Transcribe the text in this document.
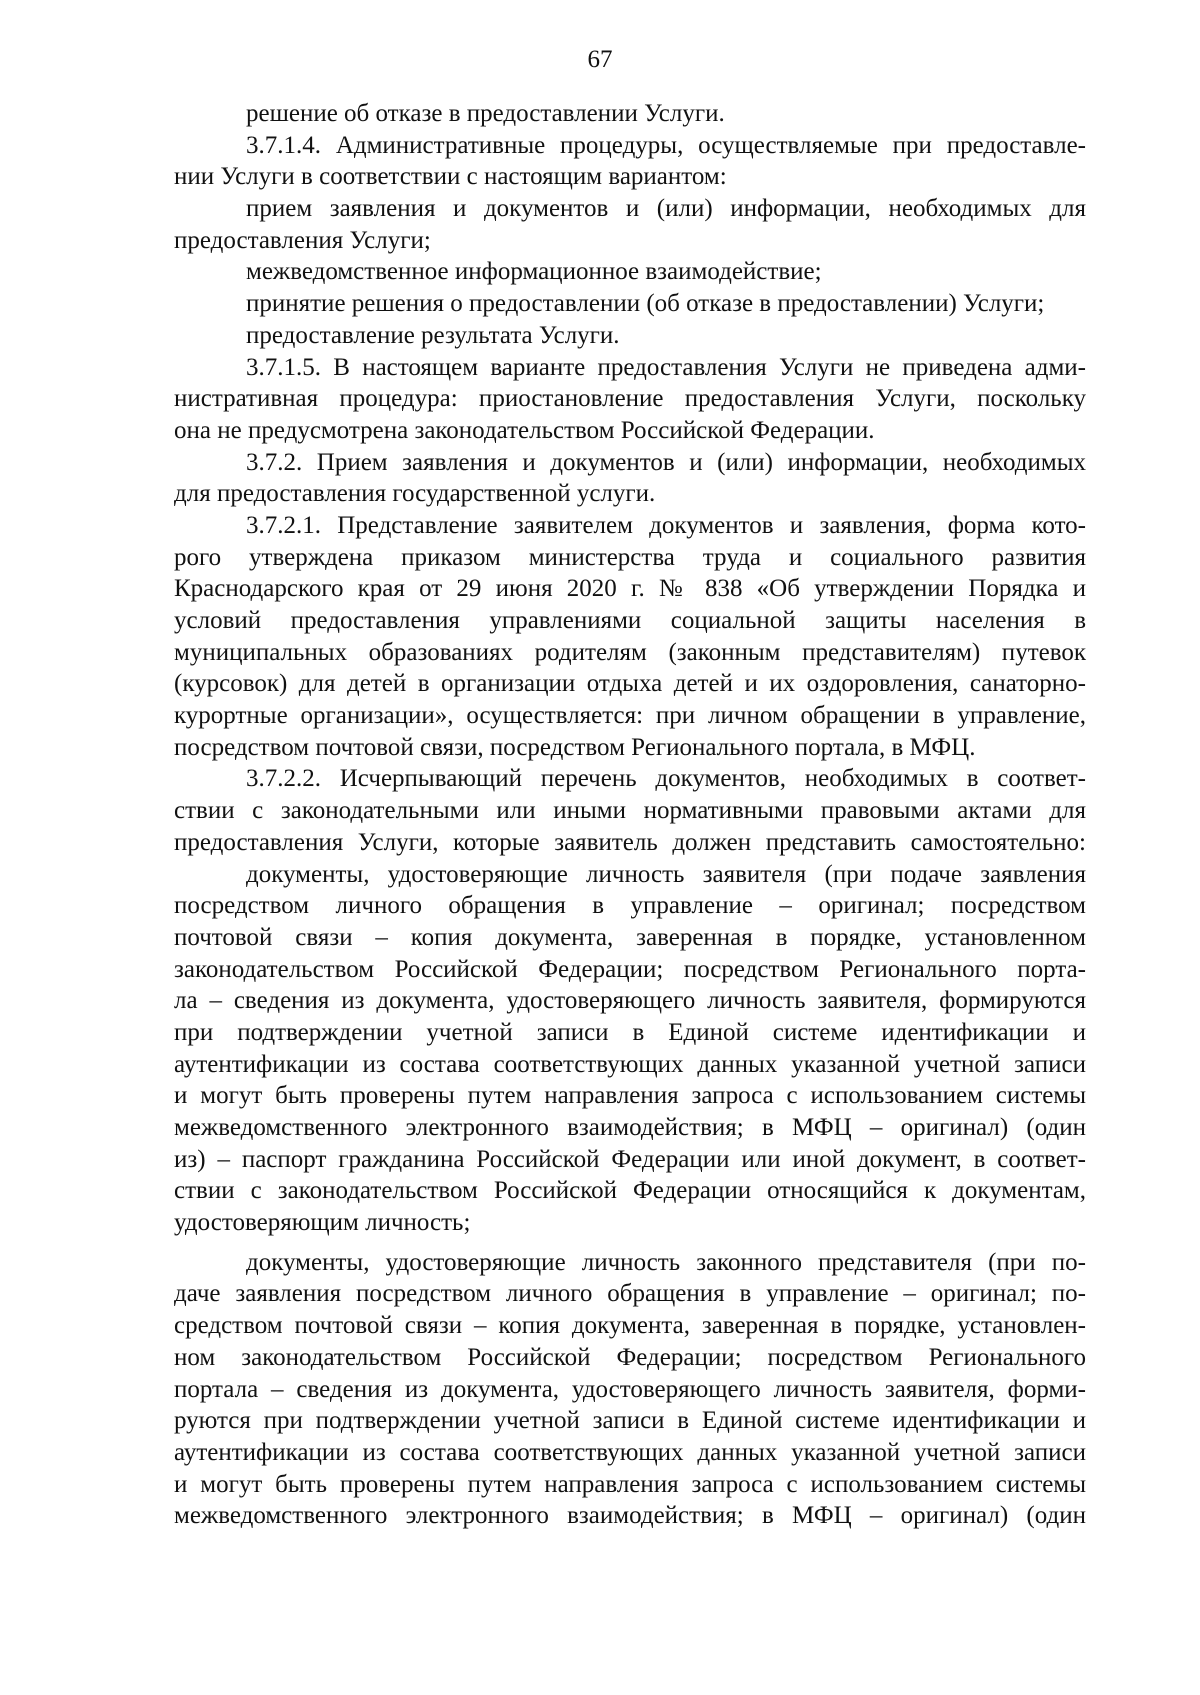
67
решение об отказе в предоставлении Услуги.
3.7.1.4. Административные процедуры, осуществляемые при предоставле-
нии Услуги в соответствии с настоящим вариантом:
прием заявления и документов и (или) информации, необходимых для
предоставления Услуги;
межведомственное информационное взаимодействие;
принятие решения о предоставлении (об отказе в предоставлении) Услуги;
предоставление результата Услуги.
3.7.1.5. В настоящем варианте предоставления Услуги не приведена адми-
нистративная процедура: приостановление предоставления Услуги, поскольку
она не предусмотрена законодательством Российской Федерации.
3.7.2. Прием заявления и документов и (или) информации, необходимых
для предоставления государственной услуги.
3.7.2.1. Представление заявителем документов и заявления, форма кото-
рого утверждена приказом министерства труда и социального развития
Краснодарского края от 29 июня 2020 г. № 838 «Об утверждении Порядка и
условий предоставления управлениями социальной защиты населения в
муниципальных образованиях родителям (законным представителям) путевок
(курсовок) для детей в организации отдыха детей и их оздоровления, санаторно-
курортные организации», осуществляется: при личном обращении в управление,
посредством почтовой связи, посредством Регионального портала, в МФЦ.
3.7.2.2. Исчерпывающий перечень документов, необходимых в соответ-
ствии с законодательными или иными нормативными правовыми актами для
предоставления Услуги, которые заявитель должен представить самостоятельно:
документы, удостоверяющие личность заявителя (при подаче заявления
посредством личного обращения в управление – оригинал; посредством
почтовой связи – копия документа, заверенная в порядке, установленном
законодательством Российской Федерации; посредством Регионального порта-
ла – сведения из документа, удостоверяющего личность заявителя, формируются
при подтверждении учетной записи в Единой системе идентификации и
аутентификации из состава соответствующих данных указанной учетной записи
и могут быть проверены путем направления запроса с использованием системы
межведомственного электронного взаимодействия; в МФЦ – оригинал) (один
из) – паспорт гражданина Российской Федерации или иной документ, в соответ-
ствии с законодательством Российской Федерации относящийся к документам,
удостоверяющим личность;
документы, удостоверяющие личность законного представителя (при по-
даче заявления посредством личного обращения в управление – оригинал; по-
средством почтовой связи – копия документа, заверенная в порядке, установлен-
ном законодательством Российской Федерации; посредством Регионального
портала – сведения из документа, удостоверяющего личность заявителя, форми-
руются при подтверждении учетной записи в Единой системе идентификации и
аутентификации из состава соответствующих данных указанной учетной записи
и могут быть проверены путем направления запроса с использованием системы
межведомственного электронного взаимодействия; в МФЦ – оригинал) (один
